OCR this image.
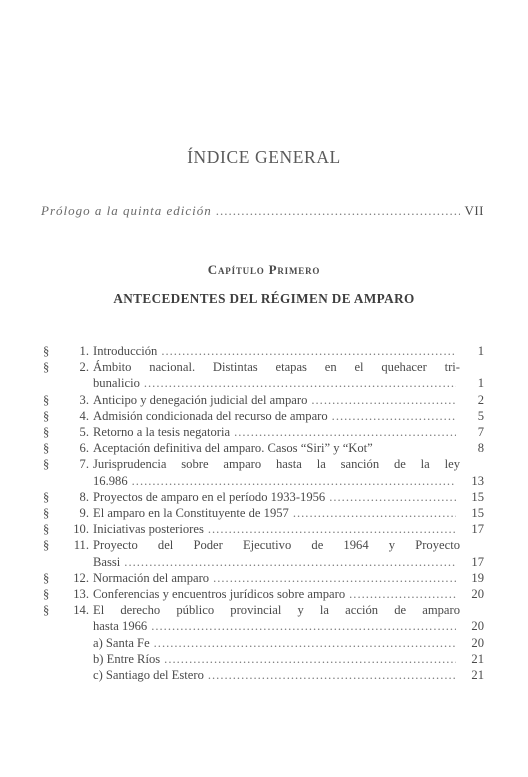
ÍNDICE GENERAL
Prólogo a la quinta edición .....	VII
Capítulo Primero
ANTECEDENTES DEL RÉGIMEN DE AMPARO
§	1. Introducción .....	1
§	2. Ámbito nacional. Distintas etapas en el quehacer tri-
bunalicio .....	1
§	3. Anticipo y denegación judicial del amparo .....	2
§	4. Admisión condicionada del recurso de amparo .....	5
§	5. Retorno a la tesis negatoria .....	7
§	6. Aceptación definitiva del amparo. Casos “Siri” y “Kot”	8
§	7. Jurisprudencia sobre amparo hasta la sanción de la ley
16.986 .....	13
§	8. Proyectos de amparo en el período 1933-1956 .....	15
§	9. El amparo en la Constituyente de 1957 .....	15
§	10. Iniciativas posteriores .....	17
§	11. Proyecto del Poder Ejecutivo de 1964 y Proyecto
Bassi .....	17
§	12. Normación del amparo .....	19
§	13. Conferencias y encuentros jurídicos sobre amparo .....	20
§	14. El derecho público provincial y la acción de amparo
hasta 1966 .....	20
a) Santa Fe .....	20
b) Entre Ríos .....	21
c) Santiago del Estero .....	21
